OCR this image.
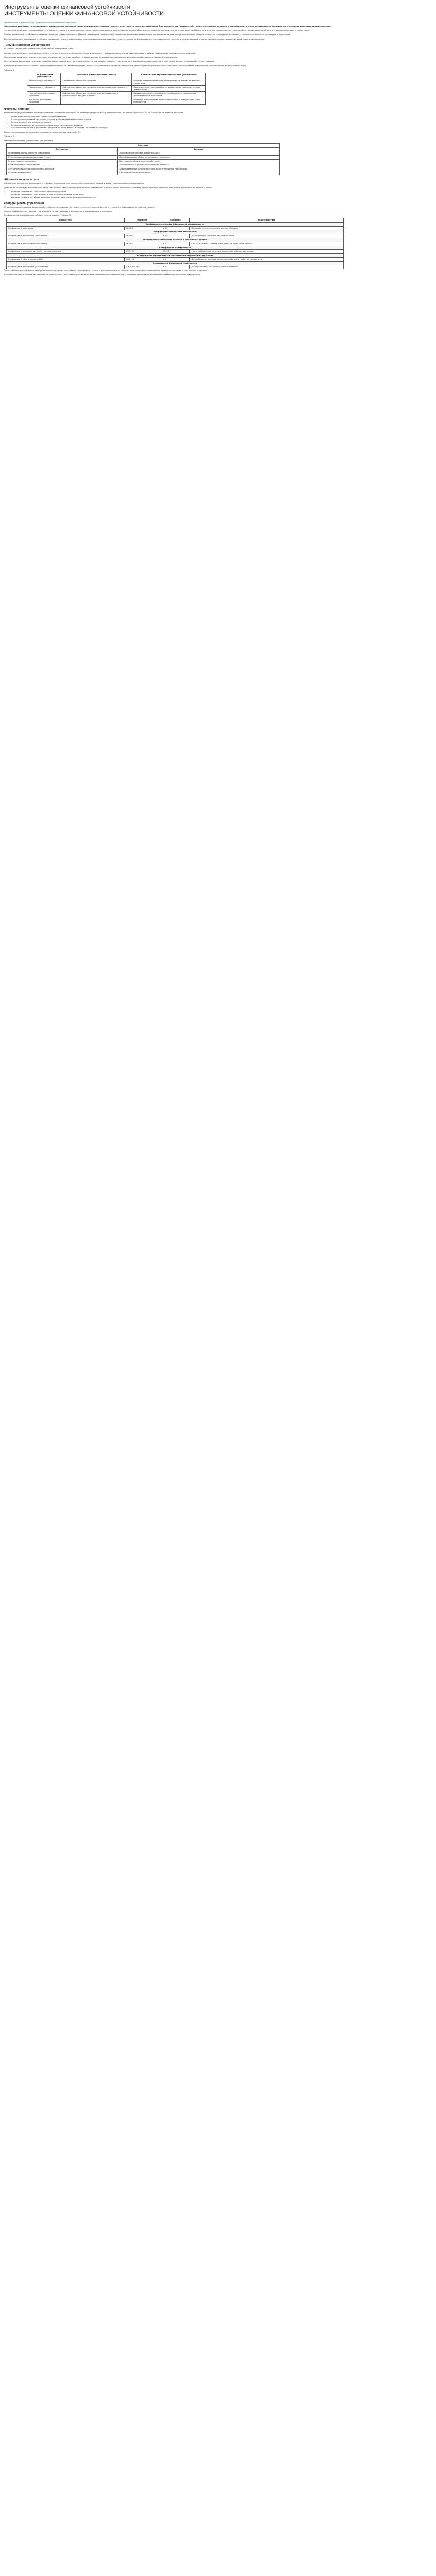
Инструменты оценки финансовой устойчивости
ИНСТРУМЕНТЫ ОЦЕНКИ ФИНАНСОВОЙ УСТОЙЧИВОСТИ
Опубликовано 2 февраля 2021 · Рубрика: Анализ финансового состояния

Финансовая устойчивость предприятия – определенное состояние счетов предприятия, гарантирующее его постоянную платежеспособность. Она отражает соотношение собственного и заемного капитала и характеризует степень независимости предприятия от внешних источников финансирования.

Финансовая устойчивость предприятия – это такое состояние его финансовых ресурсов, их распределение и использование, которое обеспечивает развитие предприятия на основе роста прибыли и капитала при сохранении платежеспособности и кредитоспособности в условиях допустимого уровня риска.

Оценка финансовой устойчивости позволяет внешним субъектам анализа (банкам, инвесторам, поставщикам) определить финансовые возможности предприятия на длительную перспективу, которые зависят от структуры его капитала, степени зависимости от кредиторов и инвесторов.

Внутренний анализ финансовой устойчивости позволяет изучить эффективность использования финансовых ресурсов, источники их формирования, соотношение собственных и заемных средств, а также выявить резервы повышения устойчивости предприятия.

Типы финансовой устойчивости

Различают четыре типа финансовой устойчивости предприятия (табл. 1).

Абсолютная устойчивость характеризуется отсутствием неплатежей и причин их возникновения, отсутствием просроченной задолженности и работой предприятия без привлечения кредитов.

Нормальная устойчивость свидетельствует о нормальной платежеспособности, рациональном использовании заемных средств и высокой доходности текущей деятельности.

Неустойчивое финансовое состояние характеризуется нарушением платежеспособности, при котором сохраняется возможность восстановления равновесия за счет пополнения источников собственных средств.

Кризисное финансовое состояние – предприятие находится на грани банкротства, поскольку денежные средства, краткосрочные ценные бумаги и дебиторская задолженность не покрывают кредиторской задолженности и просроченных ссуд.

Таблица 1
Тип финансовой устойчивости	Источники финансирования запасов	Краткая характеристика финансовой устойчивости
Абсолютная устойчивость	Собственные оборотные средства	Высокая платежеспособность; предприятие не зависит от внешних кредиторов
Нормальная устойчивость	Собственные оборотные средства плюс долгосрочные кредиты и займы	Нормальная платежеспособность; эффективная производственная деятельность
Неустойчивое финансовое состояние	Собственные оборотные средства плюс долгосрочные и краткосрочные кредиты и займы	Нарушение платежеспособности; необходимость привлечения дополнительных источников
Кризисное финансовое состояние	—	Предприятие полностью неплатежеспособно и находится на грани банкротства
Факторы влияния

На финансовую устойчивость предприятия влияет множество факторов. Их классифицируют по месту возникновения, по важности результата, по структуре, по времени действия.

• Отраслевая принадлежность субъекта хозяйствования
• Структура выпускаемой продукции, ее доля в общем платежеспособном спросе
• Размер оплаченного уставного капитала
• Величина издержек, их динамика по сравнению с денежными доходами
• Состояние имущества и финансовых ресурсов, включая запасы и резервы, их состав и структуру

По месту возникновения выделяют внешние и внутренние факторы (табл. 2).

Таблица 2
Факторы финансовой устойчивости предприятия
Факторы	
Внутренние	Внешние
Отраслевая принадлежность предприятия	Экономические условия хозяйствования
Структура выпускаемой продукции (услуг)	Преобладающая в обществе техника и технология
Размер уставного капитала	Платежеспособный спрос потребителей
Величина и структура издержек	Экономическая и финансово-кредитная политика
Состояние имущества и финансовых ресурсов	Законодательные акты по контролю за деятельностью предприятия
Качество менеджмента	Система ценностей в обществе
Абсолютные показатели

Абсолютные показатели финансовой устойчивости характеризуют степень обеспеченности запасов и затрат источниками их формирования.

Для оценки используют показатели наличия собственных оборотных средств, наличия собственных и долгосрочных заемных источников, общей величины основных источников формирования запасов и затрат.

• Излишек (недостаток) собственных оборотных средств
• Излишек (недостаток) собственных и долгосрочных заемных источников
• Излишек (недостаток) общей величины основных источников формирования запасов
Коэффициенты управления

Относительные показатели финансовой устойчивости характеризуют структуру капитала предприятия и степень его зависимости от заемных средств.

Анализ коэффициентов проводится в динамике за ряд периодов и в сравнении с нормативными значениями.

Коэффициенты финансовой устойчивости предприятия (Таблица 3)
Показатель	Формула	Норматив	Характеристика
Коэффициент автономии (финансовой независимости)			
Коэффициент автономии	СК / ВБ	≥ 0,5	Доля собственного капитала в валюте баланса
Коэффициент финансовой зависимости			
Коэффициент финансовой зависимости	ЗК / ВБ	≤ 0,5	Доля заемного капитала в валюте баланса
Коэффициент соотношения заемных и собственных средств			
Коэффициент финансового левериджа	ЗК / СК	≤ 1	Сколько заемных средств приходится на рубль собственных
Коэффициент маневренности			
Коэффициент маневренности собственного капитала	СОС / СК	0,2–0,5	Часть собственного капитала, вложенная в оборотные активы
Коэффициент обеспеченности собственными оборотными средствами			
Коэффициент обеспеченности СОС	СОС / ОА	≥ 0,1	Доля оборотных активов, финансируемая за счет собственных средств
Коэффициент финансовой устойчивости			
Коэффициент финансовой устойчивости	(СК + ДО) / ВБ	≥ 0,7	Доля устойчивых источников финансирования

Таким образом, оценка финансовой устойчивости предприятия позволяет определить степень его независимости от внешних источников финансирования и своевременно выявить негативные тенденции.

Комплексное использование абсолютных и относительных показателей дает возможность принимать обоснованные управленческие решения по укреплению финансового положения предприятия.
